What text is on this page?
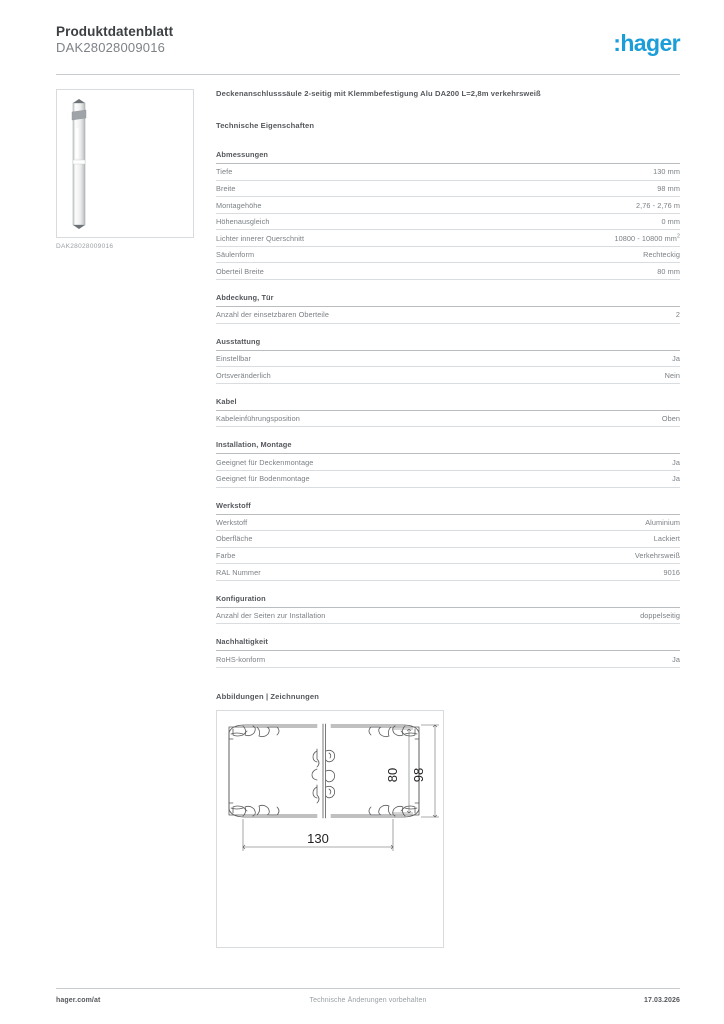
Produktdatenblatt
DAK28028009016	:hager
DAK28028009016
Deckenanschlusssäule 2-seitig mit Klemmbefestigung Alu DA200 L=2,8m verkehrsweiß
Technische Eigenschaften
Abmessungen
Tiefe	130 mm
Breite	98 mm
Montagehöhe	2,76 - 2,76 m
Höhenausgleich	0 mm
Lichter innerer Querschnitt	10800 - 10800 $mm^2$
Säulenform	Rechteckig
Oberteil Breite	80 mm
Abdeckung, Tür
Anzahl der einsetzbaren Oberteile	2
Ausstattung
Einstellbar	Ja
Ortsveränderlich	Nein
Kabel
Kabeleinführungsposition	Oben
Installation, Montage
Geeignet für Deckenmontage	Ja
Geeignet für Bodenmontage	Ja
Werkstoff
Werkstoff	Aluminium
Oberfläche	Lackiert
Farbe	Verkehrsweiß
RAL Nummer	9016
Konfiguration
Anzahl der Seiten zur Installation	doppelseitig
Nachhaltigkeit
RoHS-konform	Ja
Abbildungen | Zeichnungen
98
80
130
hager.com/at	Technische Änderungen vorbehalten	17.03.2026
